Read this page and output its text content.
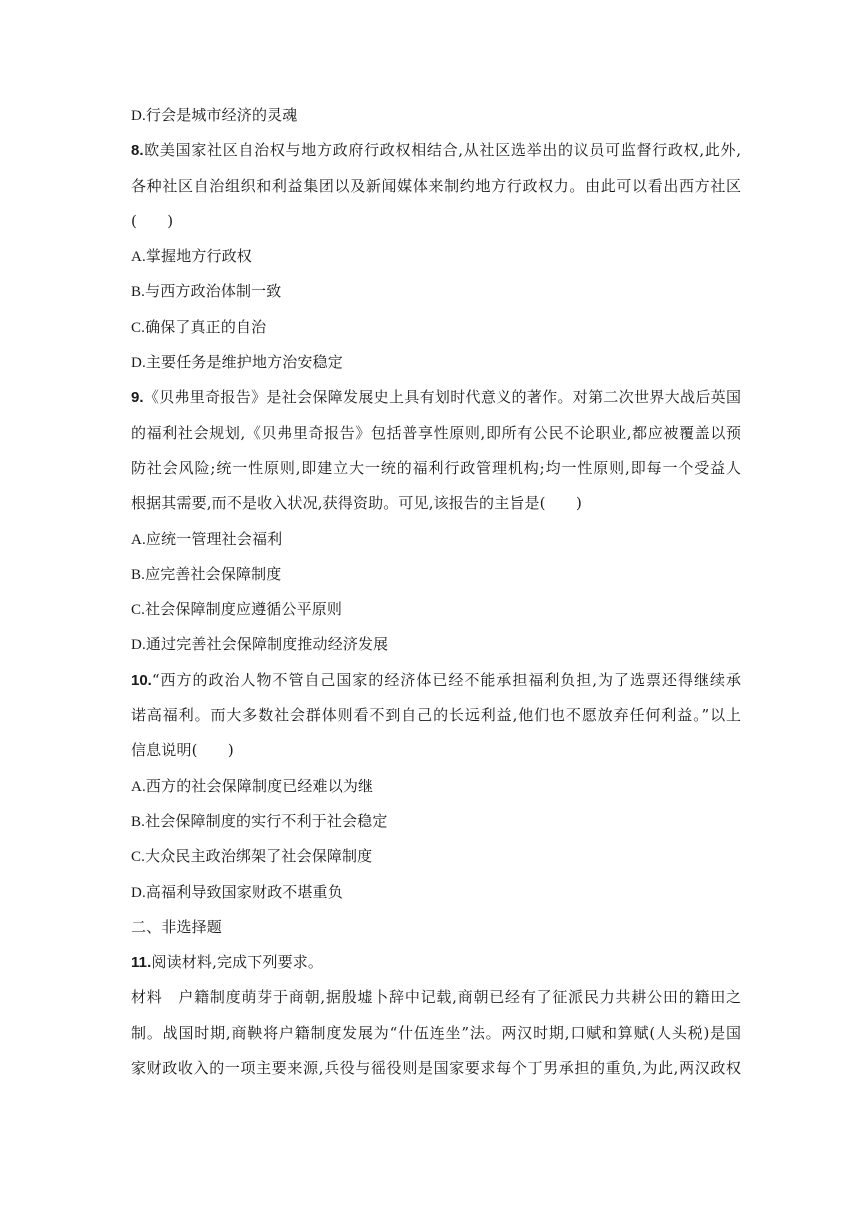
D.行会是城市经济的灵魂
8.欧美国家社区自治权与地方政府行政权相结合,从社区选举出的议员可监督行政权,此外,
各种社区自治组织和利益集团以及新闻媒体来制约地方行政权力。由此可以看出西方社区
(　　)
A.掌握地方行政权
B.与西方政治体制一致
C.确保了真正的自治
D.主要任务是维护地方治安稳定
9.《贝弗里奇报告》是社会保障发展史上具有划时代意义的著作。对第二次世界大战后英国
的福利社会规划,《贝弗里奇报告》包括普享性原则,即所有公民不论职业,都应被覆盖以预
防社会风险;统一性原则,即建立大一统的福利行政管理机构;均一性原则,即每一个受益人
根据其需要,而不是收入状况,获得资助。可见,该报告的主旨是(　　)
A.应统一管理社会福利
B.应完善社会保障制度
C.社会保障制度应遵循公平原则
D.通过完善社会保障制度推动经济发展
10.“西方的政治人物不管自己国家的经济体已经不能承担福利负担,为了选票还得继续承
诺高福利。而大多数社会群体则看不到自己的长远利益,他们也不愿放弃任何利益。”以上
信息说明(　　)
A.西方的社会保障制度已经难以为继
B.社会保障制度的实行不利于社会稳定
C.大众民主政治绑架了社会保障制度
D.高福利导致国家财政不堪重负
二、非选择题
11.阅读材料,完成下列要求。
材料　户籍制度萌芽于商朝,据殷墟卜辞中记载,商朝已经有了征派民力共耕公田的籍田之
制。战国时期,商鞅将户籍制度发展为“什伍连坐”法。两汉时期,口赋和算赋(人头税)是国
家财政收入的一项主要来源,兵役与徭役则是国家要求每个丁男承担的重负,为此,两汉政权
